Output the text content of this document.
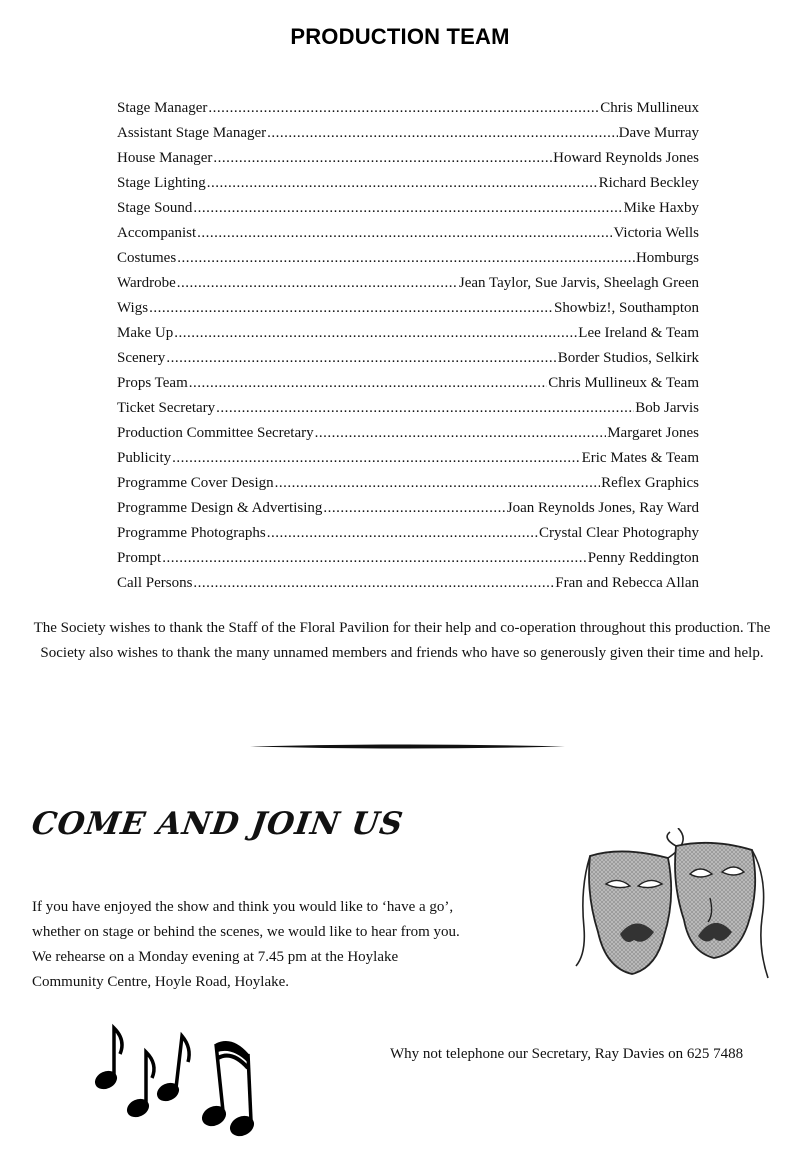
PRODUCTION TEAM
Stage Manager .....	Chris Mullineux
Assistant Stage Manager .....	Dave Murray
House Manager .....	Howard Reynolds Jones
Stage Lighting .....	Richard Beckley
Stage Sound .....	Mike Haxby
Accompanist .....	Victoria Wells
Costumes .....	Homburgs
Wardrobe .....	Jean Taylor, Sue Jarvis, Sheelagh Green
Wigs .....	Showbiz!, Southampton
Make Up .....	Lee Ireland & Team
Scenery .....	Border Studios, Selkirk
Props Team .....	Chris Mullineux & Team
Ticket Secretary .....	Bob Jarvis
Production Committee Secretary .....	Margaret Jones
Publicity .....	Eric Mates & Team
Programme Cover Design .....	Reflex Graphics
Programme Design & Advertising .....	Joan Reynolds Jones, Ray Ward
Programme Photographs .....	Crystal Clear Photography
Prompt .....	Penny Reddington
Call Persons .....	Fran and Rebecca Allan

The Society wishes to thank the Staff of the Floral Pavilion for their help and co-operation throughout this production. The Society also wishes to thank the many unnamed members and friends who have so generously given their time and help.

COME AND JOIN US

If you have enjoyed the show and think you would like to ‘have a go’,
whether on stage or behind the scenes, we would like to hear from you.
We rehearse on a Monday evening at 7.45 pm at the Hoylake
Community Centre, Hoyle Road, Hoylake.

Why not telephone our Secretary, Ray Davies on 625 7488
